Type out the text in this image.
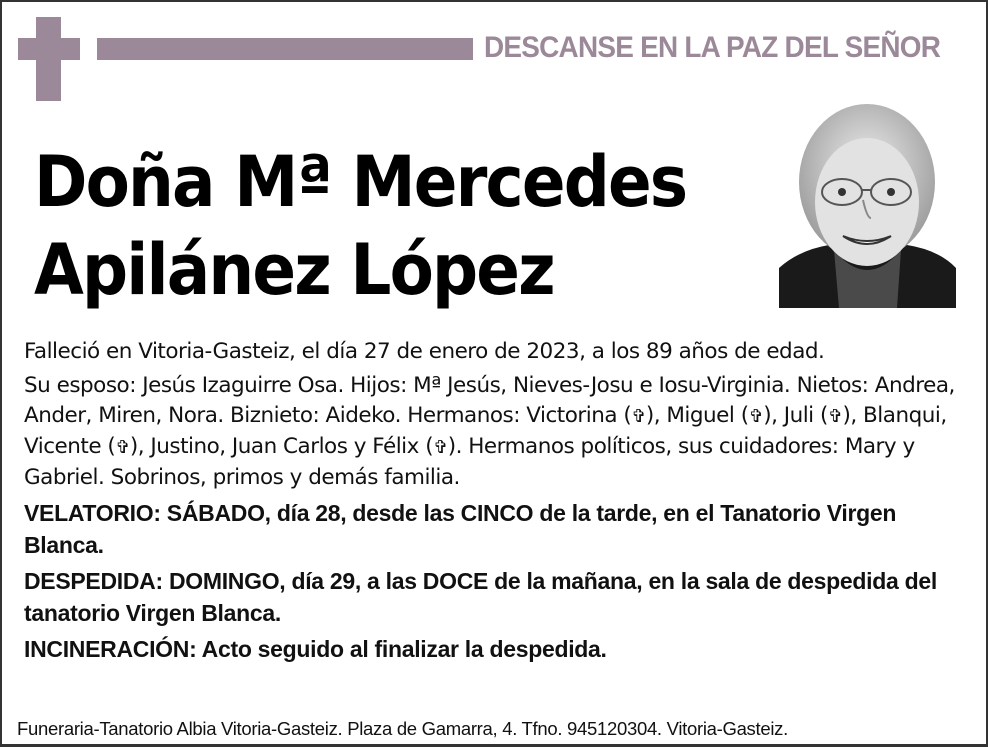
DESCANSE EN LA PAZ DEL SEÑOR
Doña Mª Mercedes
Apilánez López

Falleció en Vitoria-Gasteiz, el día 27 de enero de 2023, a los 89 años de edad.

Su esposo: Jesús Izaguirre Osa. Hijos: Mª Jesús, Nieves-Josu e Iosu-Virginia. Nietos: Andrea, Ander, Miren, Nora. Biznieto: Aideko. Hermanos: Victorina (✞), Miguel (✞), Juli (✞), Blanqui, Vicente (✞), Justino, Juan Carlos y Félix (✞). Hermanos políticos, sus cuidadores: Mary y Gabriel. Sobrinos, primos y demás familia.

VELATORIO: SÁBADO, día 28, desde las CINCO de la tarde, en el Tanatorio Virgen Blanca.

DESPEDIDA: DOMINGO, día 29, a las DOCE de la mañana, en la sala de despedida del tanatorio Virgen Blanca.

INCINERACIÓN: Acto seguido al finalizar la despedida.

Funeraria-Tanatorio Albia Vitoria-Gasteiz. Plaza de Gamarra, 4. Tfno. 945120304. Vitoria-Gasteiz.
